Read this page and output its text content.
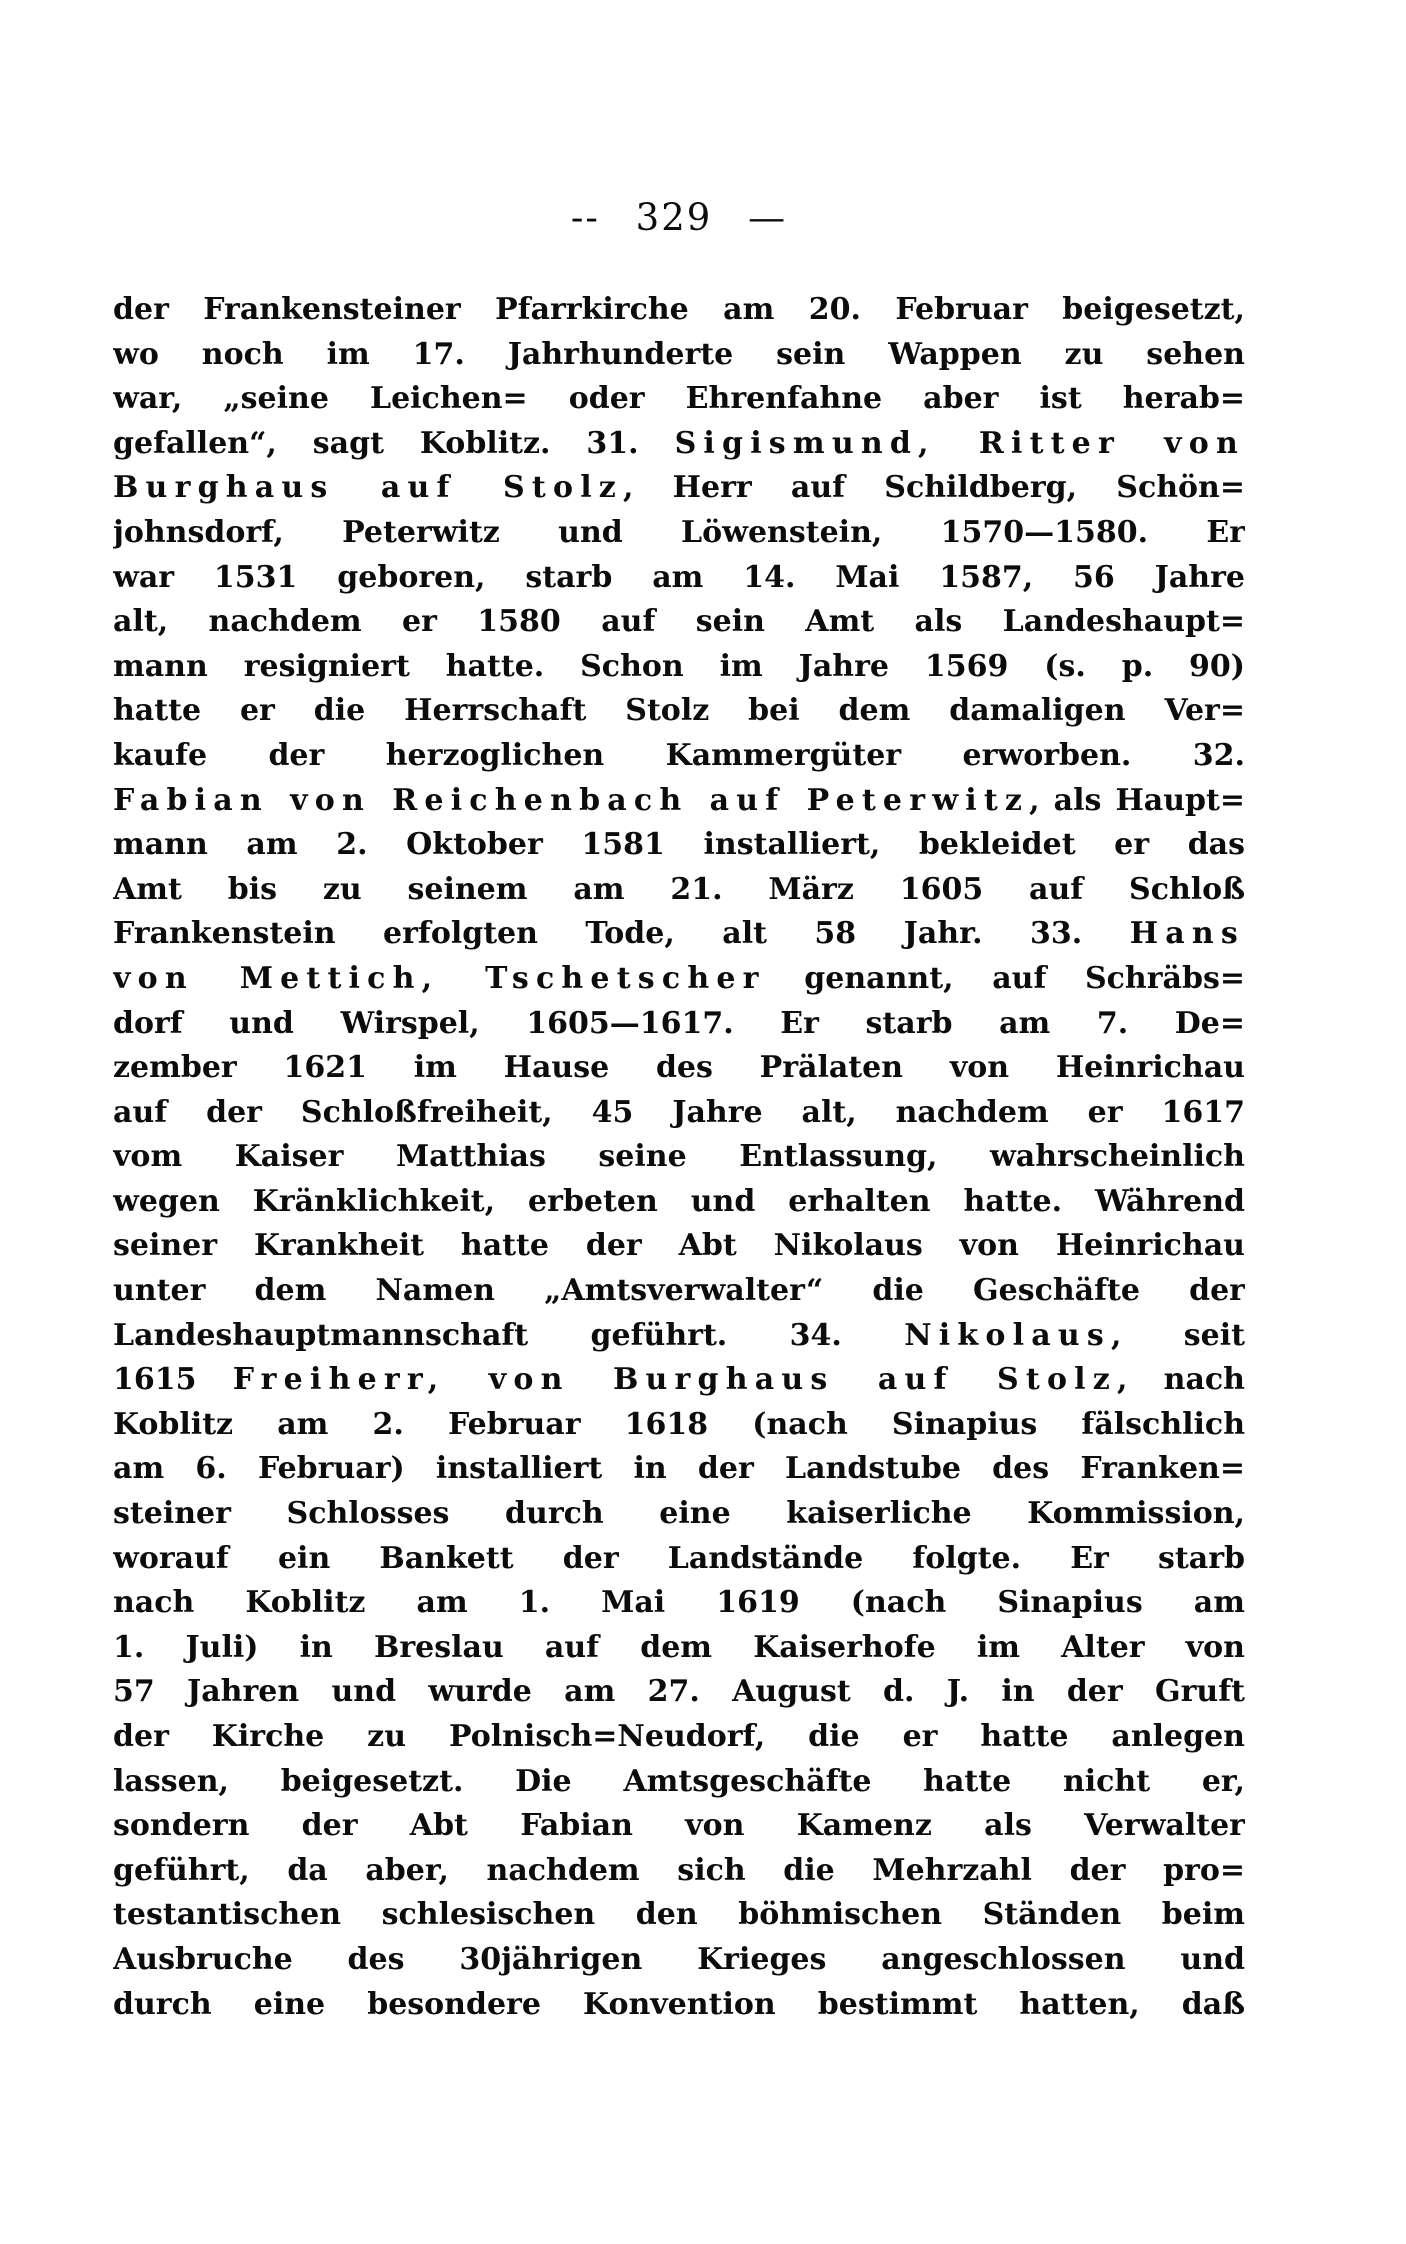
-- 329 —
der Frankensteiner Pfarrkirche am 20. Februar beigesetzt,
wo noch im 17. Jahrhunderte sein Wappen zu sehen
war, „seine Leichen= oder Ehrenfahne aber ist herab=
gefallen“, sagt Koblitz. 31. Sigismund, Ritter von
Burghaus auf Stolz, Herr auf Schildberg, Schön=
johnsdorf, Peterwitz und Löwenstein, 1570—1580. Er
war 1531 geboren, starb am 14. Mai 1587, 56 Jahre
alt, nachdem er 1580 auf sein Amt als Landeshaupt=
mann resigniert hatte. Schon im Jahre 1569 (s. p. 90)
hatte er die Herrschaft Stolz bei dem damaligen Ver=
kaufe der herzoglichen Kammergüter erworben. 32.
Fabian von Reichenbach auf Peterwitz, als Haupt=
mann am 2. Oktober 1581 installiert, bekleidet er das
Amt bis zu seinem am 21. März 1605 auf Schloß
Frankenstein erfolgten Tode, alt 58 Jahr. 33. Hans
von Mettich, Tschetscher genannt, auf Schräbs=
dorf und Wirspel, 1605—1617. Er starb am 7. De=
zember 1621 im Hause des Prälaten von Heinrichau
auf der Schloßfreiheit, 45 Jahre alt, nachdem er 1617
vom Kaiser Matthias seine Entlassung, wahrscheinlich
wegen Kränklichkeit, erbeten und erhalten hatte. Während
seiner Krankheit hatte der Abt Nikolaus von Heinrichau
unter dem Namen „Amtsverwalter“ die Geschäfte der
Landeshauptmannschaft geführt. 34. Nikolaus, seit
1615 Freiherr, von Burghaus auf Stolz, nach
Koblitz am 2. Februar 1618 (nach Sinapius fälschlich
am 6. Februar) installiert in der Landstube des Franken=
steiner Schlosses durch eine kaiserliche Kommission,
worauf ein Bankett der Landstände folgte. Er starb
nach Koblitz am 1. Mai 1619 (nach Sinapius am
1. Juli) in Breslau auf dem Kaiserhofe im Alter von
57 Jahren und wurde am 27. August d. J. in der Gruft
der Kirche zu Polnisch=Neudorf, die er hatte anlegen
lassen, beigesetzt. Die Amtsgeschäfte hatte nicht er,
sondern der Abt Fabian von Kamenz als Verwalter
geführt, da aber, nachdem sich die Mehrzahl der pro=
testantischen schlesischen den böhmischen Ständen beim
Ausbruche des 30jährigen Krieges angeschlossen und
durch eine besondere Konvention bestimmt hatten, daß
